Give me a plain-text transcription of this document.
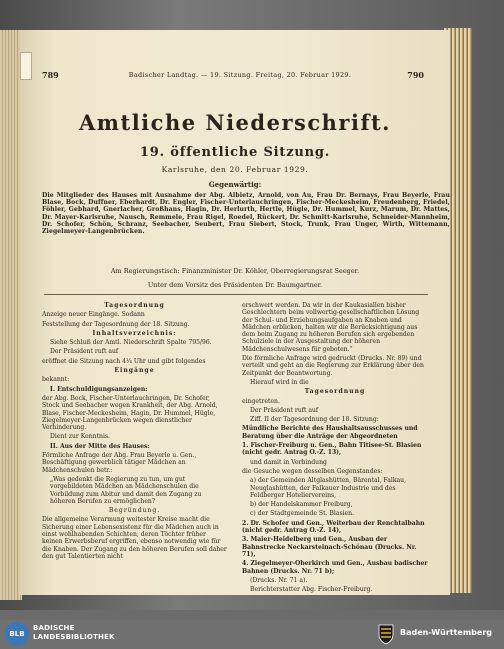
789	Badischer Landtag. — 19. Sitzung. Freitag, 20. Februar 1929.	790
Amtliche Niederschrift.
19. öffentliche Sitzung.
Karlsruhe, den 20. Februar 1929.
Gegenwärtig:
Die Mitglieder des Hauses mit Ausnahme der Abg. Albietz, Arnold, von Au, Frau Dr. Bernays, Frau Beyerle, Frau Blase, Bock, Duffner, Eberhardt, Dr. Engler, Fischer-Unterlauchringen, Fischer-Meckesheim, Freudenberg, Friedel, Föhler, Gebhard, Gnerlacher, Großhans, Hagin, Dr. Herlurth, Hertle, Hügle, Dr. Hummel, Kurz, Marum, Dr. Mattes, Dr. Mayer-Karlsruhe, Nausch, Remmele, Frau Rigel, Roedel, Rückert, Dr. Schmitt-Karlsruhe, Schneider-Mannheim, Dr. Schofer, Schön, Schranz, Seebacher, Seubert, Frau Siebert, Stock, Trunk, Frau Unger, Wirth, Wittemann, Ziegelmeyer-Langenbrücken.
Am Regierungstisch: Finanzminister Dr. Köhler, Oberregierungsrat Seeger.
Unter dem Vorsitz des Präsidenten Dr. Baumgartner.

Tagesordnung

Anzeige neuer Eingänge. Sodann

Feststellung der Tagesordnung der 18. Sitzung.

Inhaltsverzeichnis:

Siehe Schluß der Amtl. Niederschrift Spalte 795/96.

Der Präsident ruft auf

eröffnet die Sitzung nach 4¼ Uhr und gibt folgendes

Eingänge

bekannt:

I. Entschuldigungsanzeigen:

der Abg. Bock, Fischer-Unterlauchringen, Dr. Schofer, Stock und Seebacher wegen Krankheit, der Abg. Arnold, Blase, Fischer-Meckesheim, Hagin, Dr. Hummel, Hügle, Ziegelmeyer-Langenbrücken wegen dienstlicher Verhinderung.

Dient zur Kenntnis.

II. Aus der Mitte des Hauses:

Förmliche Anfrage der Abg. Frau Beyerle u. Gen., Beschäftigung gewerblich tätiger Mädchen an Mädchenschulen betr.:

„Was gedenkt die Regierung zu tun, um gut vorgebildeten Mädchen an Mädchenschulen die Vorbildung zum Abitur und damit den Zugang zu höheren Berufen zu ermöglichen?

Begründung.

Die allgemeine Verarmung weitester Kreise macht die Sicherung einer Lebensexistenz für die Mädchen auch in einst wohlhabenden Schichten, deren Töchter früher keinen Erwerbsberuf ergriffen, ebenso notwendig wie für die Knaben. Der Zugang zu den höheren Berufen soll daher den gut Talentierten nicht

erschwert werden. Da wir in der Kaukasiallen bisher Geschlechtern beim vollwertig-gesellschaftlichen Lösung der Schul- und Erziehungsaufgaben an Knaben und Mädchen erblicken, halten wir die Berücksichtigung aus dem beim Zugang zu höheren Berufen sich ergebenden Schulziele in der Ausgestaltung der höheren Mädchenschulwesens für geboten.“

Die förmliche Anfrage wird gedruckt (Drucks. Nr. 89) und verteilt und geht an die Regierung zur Erklärung über den Zeitpunkt der Beantwortung.

Hierauf wird in die

Tagesordnung

eingetreten.

Der Präsident ruft auf

Ziff. II der Tagesordnung der 18. Sitzung:

Mündliche Berichte des Haushaltsausschusses und Beratung über die Anträge der Abgeordneten

1. Fischer-Freiburg u. Gen., Bahn Titisee-St. Blasien (nicht gedr. Antrag O.-Z. 13),

und damit in Verbindung

die Gesuche wegen desselben Gegenstandes:

a) der Gemeinden Altglashütten, Bärental, Falkau, Neuglashütten, der Falkauer Industrie und des Feldberger Hoteliervereins,

b) der Handelskammer Freiburg,

c) der Stadtgemeinde St. Blasien.

2. Dr. Schofer und Gen., Weiterbau der Renchtalbahn (nicht gedr. Antrag O.-Z. 14),

3. Maier-Heidelberg und Gen., Ausbau der Bahnstrecke Neckarsteinach-Schönau (Drucks. Nr. 71),

4. Ziegelmeyer-Oberkirch und Gen., Ausbau badischer Bahnen (Drucks. Nr. 71 b);

(Drucks. Nr. 71 a).

Berichterstatter Abg. Fischer-Freiburg.

BLB
BADISCHE
LANDESBIBLIOTHEK	Baden-Württemberg
